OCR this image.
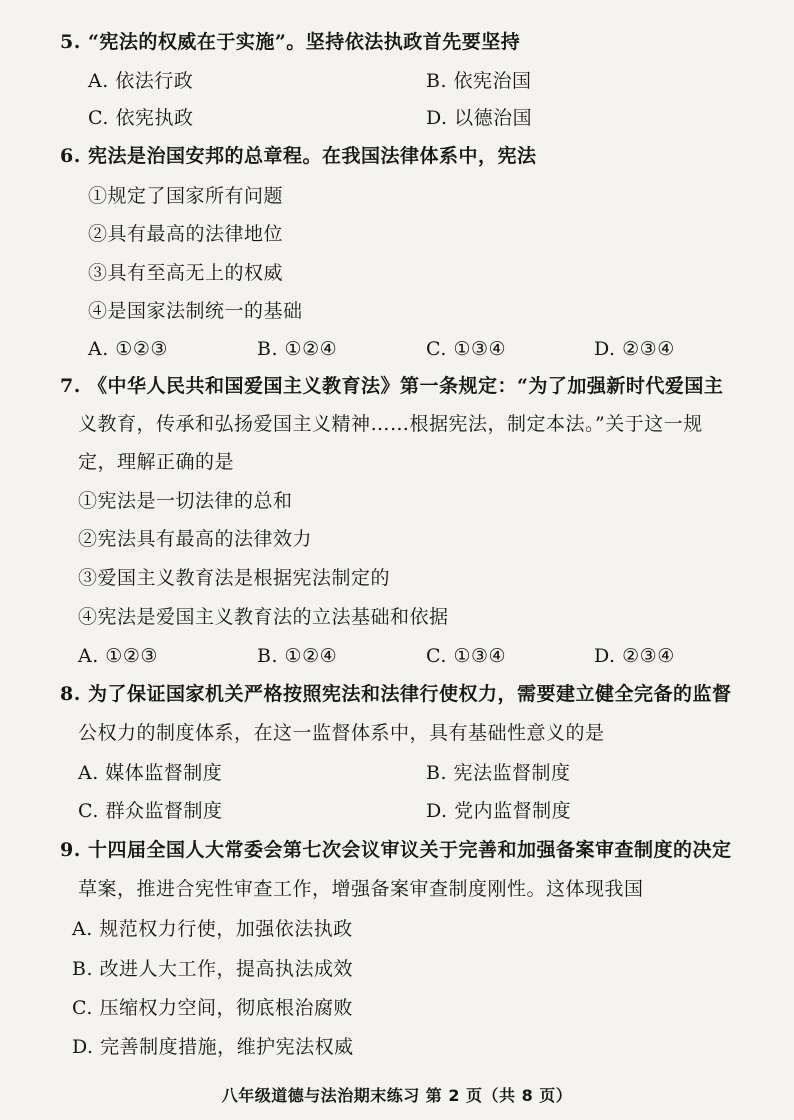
5. “宪法的权威在于实施”。坚持依法执政首先要坚持
A. 依法行政	B. 依宪治国
C. 依宪执政	D. 以德治国
6. 宪法是治国安邦的总章程。在我国法律体系中，宪法
①规定了国家所有问题
②具有最高的法律地位
③具有至高无上的权威
④是国家法制统一的基础
A. ①②③	B. ①②④	C. ①③④	D. ②③④
7. 《中华人民共和国爱国主义教育法》第一条规定：“为了加强新时代爱国主
义教育，传承和弘扬爱国主义精神……根据宪法，制定本法。”关于这一规
定，理解正确的是
①宪法是一切法律的总和
②宪法具有最高的法律效力
③爱国主义教育法是根据宪法制定的
④宪法是爱国主义教育法的立法基础和依据
A. ①②③	B. ①②④	C. ①③④	D. ②③④
8. 为了保证国家机关严格按照宪法和法律行使权力，需要建立健全完备的监督
公权力的制度体系，在这一监督体系中，具有基础性意义的是
A. 媒体监督制度	B. 宪法监督制度
C. 群众监督制度	D. 党内监督制度
9. 十四届全国人大常委会第七次会议审议关于完善和加强备案审查制度的决定
草案，推进合宪性审查工作，增强备案审查制度刚性。这体现我国
A. 规范权力行使，加强依法执政
B. 改进人大工作，提高执法成效
C. 压缩权力空间，彻底根治腐败
D. 完善制度措施，维护宪法权威
八年级道德与法治期末练习 第 2 页（共 8 页）
